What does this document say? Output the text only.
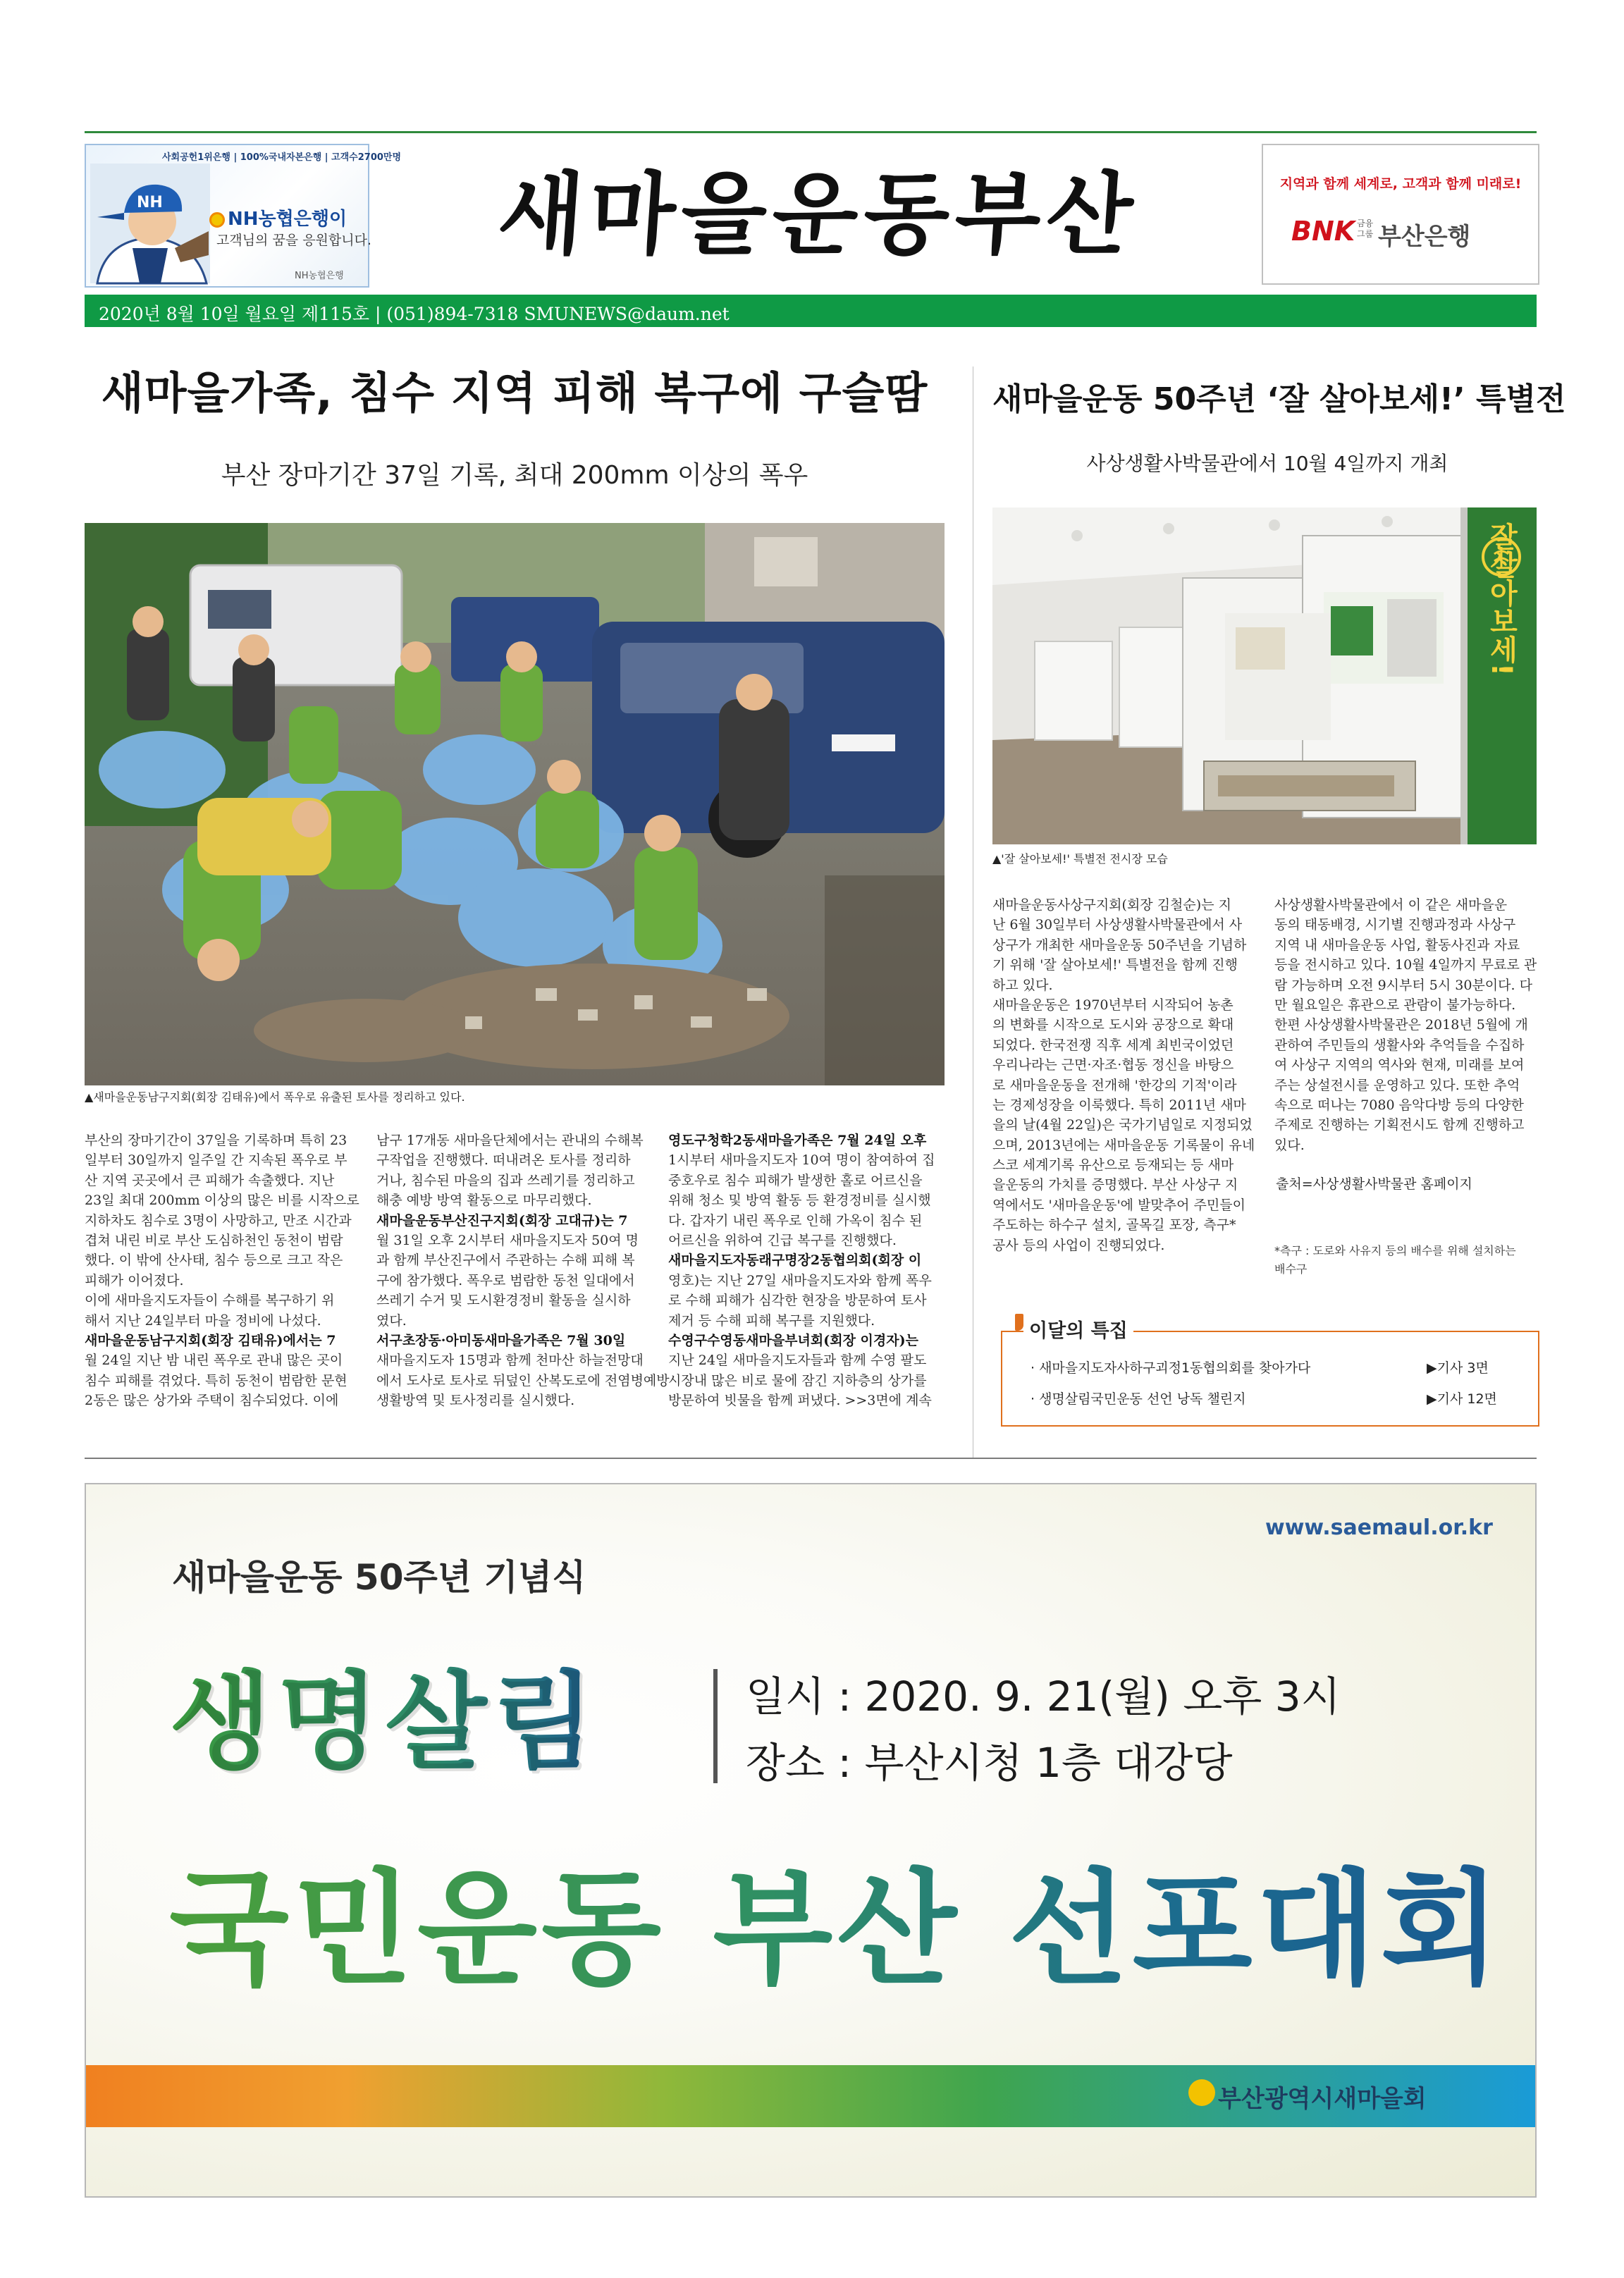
사회공헌1위은행 | 100%국내자본은행 | 고객수2700만명
NH
NH농협은행이
고객님의 꿈을 응원합니다.
NH농협은행
새마을운동부산	지역과 함께 세계로, 고객과 함께 미래로!
BNK 금융그룹 부산은행
2020년 8월 10일 월요일 제115호 | (051)894-7318 SMUNEWS@daum.net
새마을가족, 침수 지역 피해 복구에 구슬땀
부산 장마기간 37일 기록, 최대 200mm 이상의 폭우
▲새마을운동남구지회(회장 김태유)에서 폭우로 유출된 토사를 정리하고 있다.
부산의 장마기간이 37일을 기록하며 특히 23
일부터 30일까지 일주일 간 지속된 폭우로 부
산 지역 곳곳에서 큰 피해가 속출했다. 지난
23일 최대 200mm 이상의 많은 비를 시작으로
지하차도 침수로 3명이 사망하고, 만조 시간과
겹쳐 내린 비로 부산 도심하천인 동천이 범람
했다. 이 밖에 산사태, 침수 등으로 크고 작은
피해가 이어졌다.
이에 새마을지도자들이 수해를 복구하기 위
해서 지난 24일부터 마을 정비에 나섰다.
새마을운동남구지회(회장 김태유)에서는 7
월 24일 지난 밤 내린 폭우로 관내 많은 곳이
침수 피해를 겪었다. 특히 동천이 범람한 문현
2동은 많은 상가와 주택이 침수되었다. 이에
남구 17개동 새마을단체에서는 관내의 수해복
구작업을 진행했다. 떠내려온 토사를 정리하
거나, 침수된 마을의 집과 쓰레기를 정리하고
해충 예방 방역 활동으로 마무리했다.
새마을운동부산진구지회(회장 고대규)는 7
월 31일 오후 2시부터 새마을지도자 50여 명
과 함께 부산진구에서 주관하는 수해 피해 복
구에 참가했다. 폭우로 범람한 동천 일대에서
쓰레기 수거 및 도시환경정비 활동을 실시하
였다.
서구초장동·아미동새마을가족은 7월 30일
새마을지도자 15명과 함께 천마산 하늘전망대
에서 도사로 토사로 뒤덮인 산복도로에 전염병예방
생활방역 및 토사정리를 실시했다.
영도구청학2동새마을가족은 7월 24일 오후
1시부터 새마을지도자 10여 명이 참여하여 집
중호우로 침수 피해가 발생한 홀로 어르신을
위해 청소 및 방역 활동 등 환경정비를 실시했
다. 갑자기 내린 폭우로 인해 가옥이 침수 된
어르신을 위하여 긴급 복구를 진행했다.
새마을지도자동래구명장2동협의회(회장 이
영호)는 지난 27일 새마을지도자와 함께 폭우
로 수해 피해가 심각한 현장을 방문하여 토사
제거 등 수해 피해 복구를 지원했다.
수영구수영동새마을부녀회(회장 이경자)는
지난 24일 새마을지도자들과 함께 수영 팔도
시장내 많은 비로 물에 잠긴 지하층의 상가를
방문하여 빗물을 함께 퍼냈다. >>3면에 계속
새마을운동 50주년 ‘잘 살아보세!’ 특별전
사상생활사박물관에서 10월 4일까지 개최
잘살아보세!
▲'잘 살아보세!' 특별전 전시장 모습
새마을운동사상구지회(회장 김철순)는 지
난 6월 30일부터 사상생활사박물관에서 사
상구가 개최한 새마을운동 50주년을 기념하
기 위해 '잘 살아보세!' 특별전을 함께 진행
하고 있다.
새마을운동은 1970년부터 시작되어 농촌
의 변화를 시작으로 도시와 공장으로 확대
되었다. 한국전쟁 직후 세계 최빈국이었던
우리나라는 근면·자조·협동 정신을 바탕으
로 새마을운동을 전개해 '한강의 기적'이라
는 경제성장을 이룩했다. 특히 2011년 새마
을의 날(4월 22일)은 국가기념일로 지정되었
으며, 2013년에는 새마을운동 기록물이 유네
스코 세계기록 유산으로 등재되는 등 새마
을운동의 가치를 증명했다. 부산 사상구 지
역에서도 '새마을운동'에 발맞추어 주민들이
주도하는 하수구 설치, 골목길 포장, 측구*
공사 등의 사업이 진행되었다.
사상생활사박물관에서 이 같은 새마을운
동의 태동배경, 시기별 진행과정과 사상구
지역 내 새마을운동 사업, 활동사진과 자료
등을 전시하고 있다. 10월 4일까지 무료로 관
람 가능하며 오전 9시부터 5시 30분이다. 다
만 월요일은 휴관으로 관람이 불가능하다.
한편 사상생활사박물관은 2018년 5월에 개
관하여 주민들의 생활사와 추억들을 수집하
여 사상구 지역의 역사와 현재, 미래를 보여
주는 상설전시를 운영하고 있다. 또한 추억
속으로 떠나는 7080 음악다방 등의 다양한
주제로 진행하는 기획전시도 함께 진행하고
있다.
출처=사상생활사박물관 홈페이지
*측구 : 도로와 사유지 등의 배수를 위해 설치하는
배수구
이달의 특집
· 새마을지도자사하구괴정1동협의회를 찾아가다	▶기사 3면
· 생명살림국민운동 선언 낭독 챌린지	▶기사 12면
www.saemaul.or.kr
새마을운동 50주년 기념식
생명살림	일시 : 2020. 9. 21(월) 오후 3시
장소 : 부산시청 1층 대강당
국민운동 부산 선포대회
부산광역시새마을회
